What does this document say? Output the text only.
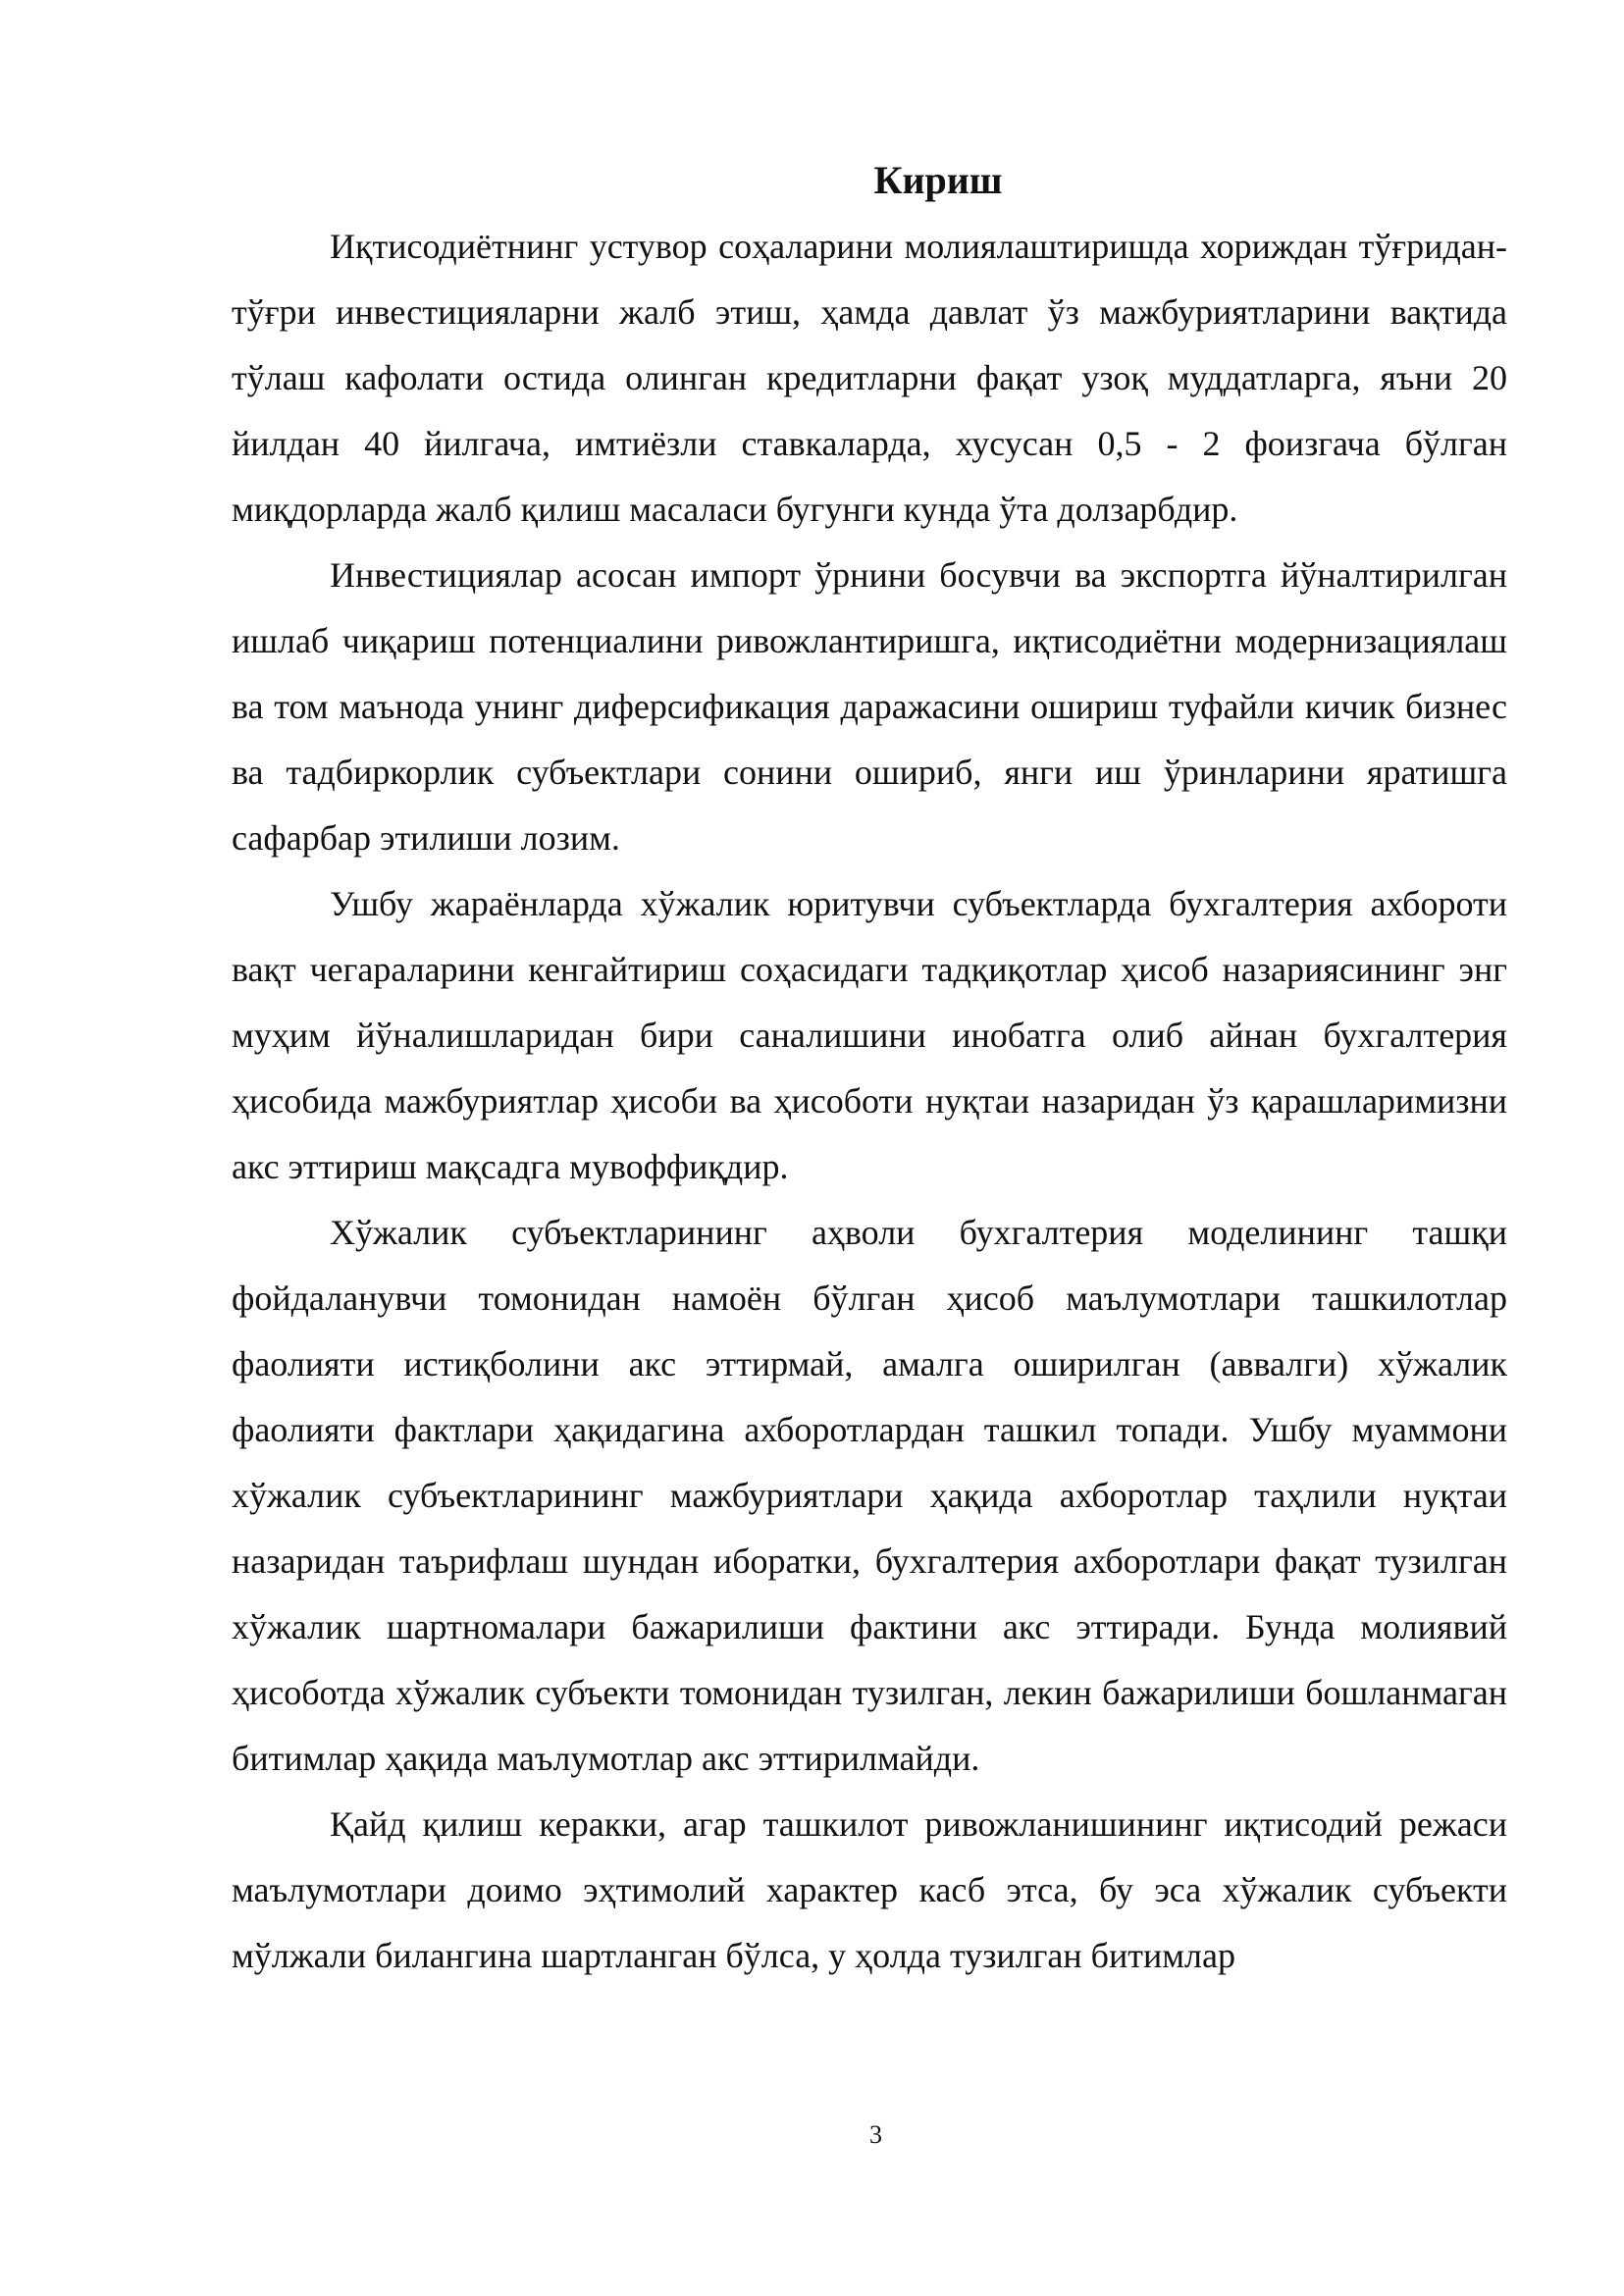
Кириш

Иқтисодиётнинг устувор соҳаларини молиялаштиришда хориждан тўғридан-тўғри инвестицияларни жалб этиш, ҳамда давлат ўз мажбуриятларини вақтида тўлаш кафолати остида олинган кредитларни фақат узоқ муддатларга, яъни 20 йилдан 40 йилгача, имтиёзли ставкаларда, хусусан 0,5 - 2 фоизгача бўлган миқдорларда жалб қилиш масаласи бугунги кунда ўта долзарбдир.

Инвестициялар асосан импорт ўрнини босувчи ва экспортга йўналтирилган ишлаб чиқариш потенциалини ривожлантиришга, иқтисодиётни модернизациялаш ва том маънода унинг диферсификация даражасини ошириш туфайли кичик бизнес ва тадбиркорлик субъектлари сонини ошириб, янги иш ўринларини яратишга сафарбар этилиши лозим.

Ушбу жараёнларда хўжалик юритувчи субъектларда бухгалтерия ахбороти вақт чегараларини кенгайтириш соҳасидаги тадқиқотлар ҳисоб назариясининг энг муҳим йўналишларидан бири саналишини инобатга олиб айнан бухгалтерия ҳисобида мажбуриятлар ҳисоби ва ҳисоботи нуқтаи назаридан ўз қарашларимизни акс эттириш мақсадга мувоффиқдир.

Хўжалик субъектларининг аҳволи бухгалтерия моделининг ташқи фойдаланувчи томонидан намоён бўлган ҳисоб маълумотлари ташкилотлар фаолияти истиқболини акс эттирмай, амалга оширилган (аввалги) хўжалик фаолияти фактлари ҳақидагина ахборотлардан ташкил топади. Ушбу муаммони хўжалик субъектларининг мажбуриятлари ҳақида ахборотлар таҳлили нуқтаи назаридан таърифлаш шундан иборатки, бухгалтерия ахборотлари фақат тузилган хўжалик шартномалари бажарилиши фактини акс эттиради. Бунда молиявий ҳисоботда хўжалик субъекти томонидан тузилган, лекин бажарилиши бошланмаган битимлар ҳақида маълумотлар акс эттирилмайди.

Қайд қилиш керакки, агар ташкилот ривожланишининг иқтисодий режаси маълумотлари доимо эҳтимолий характер касб этса, бу эса хўжалик субъекти мўлжали билангина шартланган бўлса, у ҳолда тузилган битимлар

3
